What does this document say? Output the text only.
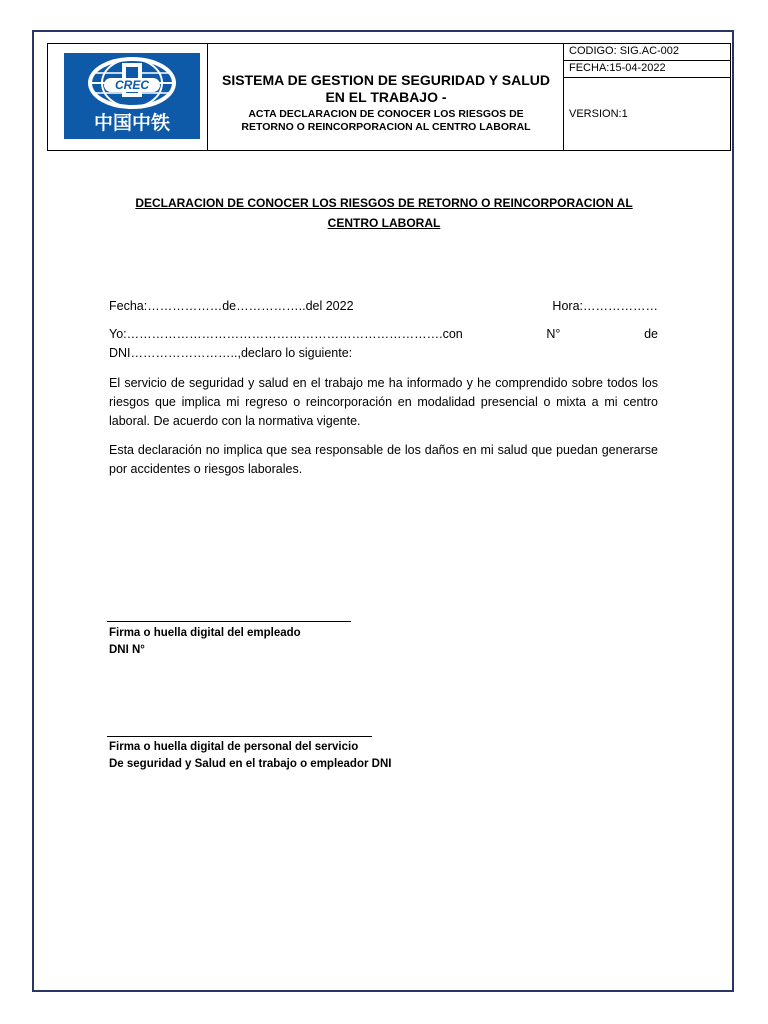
CREC
中国中铁
SISTEMA DE GESTION DE SEGURIDAD Y SALUD EN EL TRABAJO -
ACTA DECLARACION DE CONOCER LOS RIESGOS DE
RETORNO O REINCORPORACION AL CENTRO LABORAL
CODIGO: SIG.AC-002
FECHA:15-04-2022
VERSION:1
DECLARACION DE CONOCER LOS RIESGOS DE RETORNO O REINCORPORACION AL
CENTRO LABORAL
Fecha:………………de……………..del 2022	Hora:………………
Yo:………………………………………………………………….con N° de DNI……………………..,declaro lo siguiente:
El servicio de seguridad y salud en el trabajo me ha informado y he comprendido sobre todos los riesgos que implica mi regreso o reincorporación en modalidad presencial o mixta a mi centro laboral. De acuerdo con la normativa vigente.
Esta declaración no implica que sea responsable de los daños en mi salud que puedan generarse por accidentes o riesgos laborales.
Firma o huella digital del empleado
DNI N°
Firma o huella digital de personal del servicio
De seguridad y Salud en el trabajo o empleador DNI
